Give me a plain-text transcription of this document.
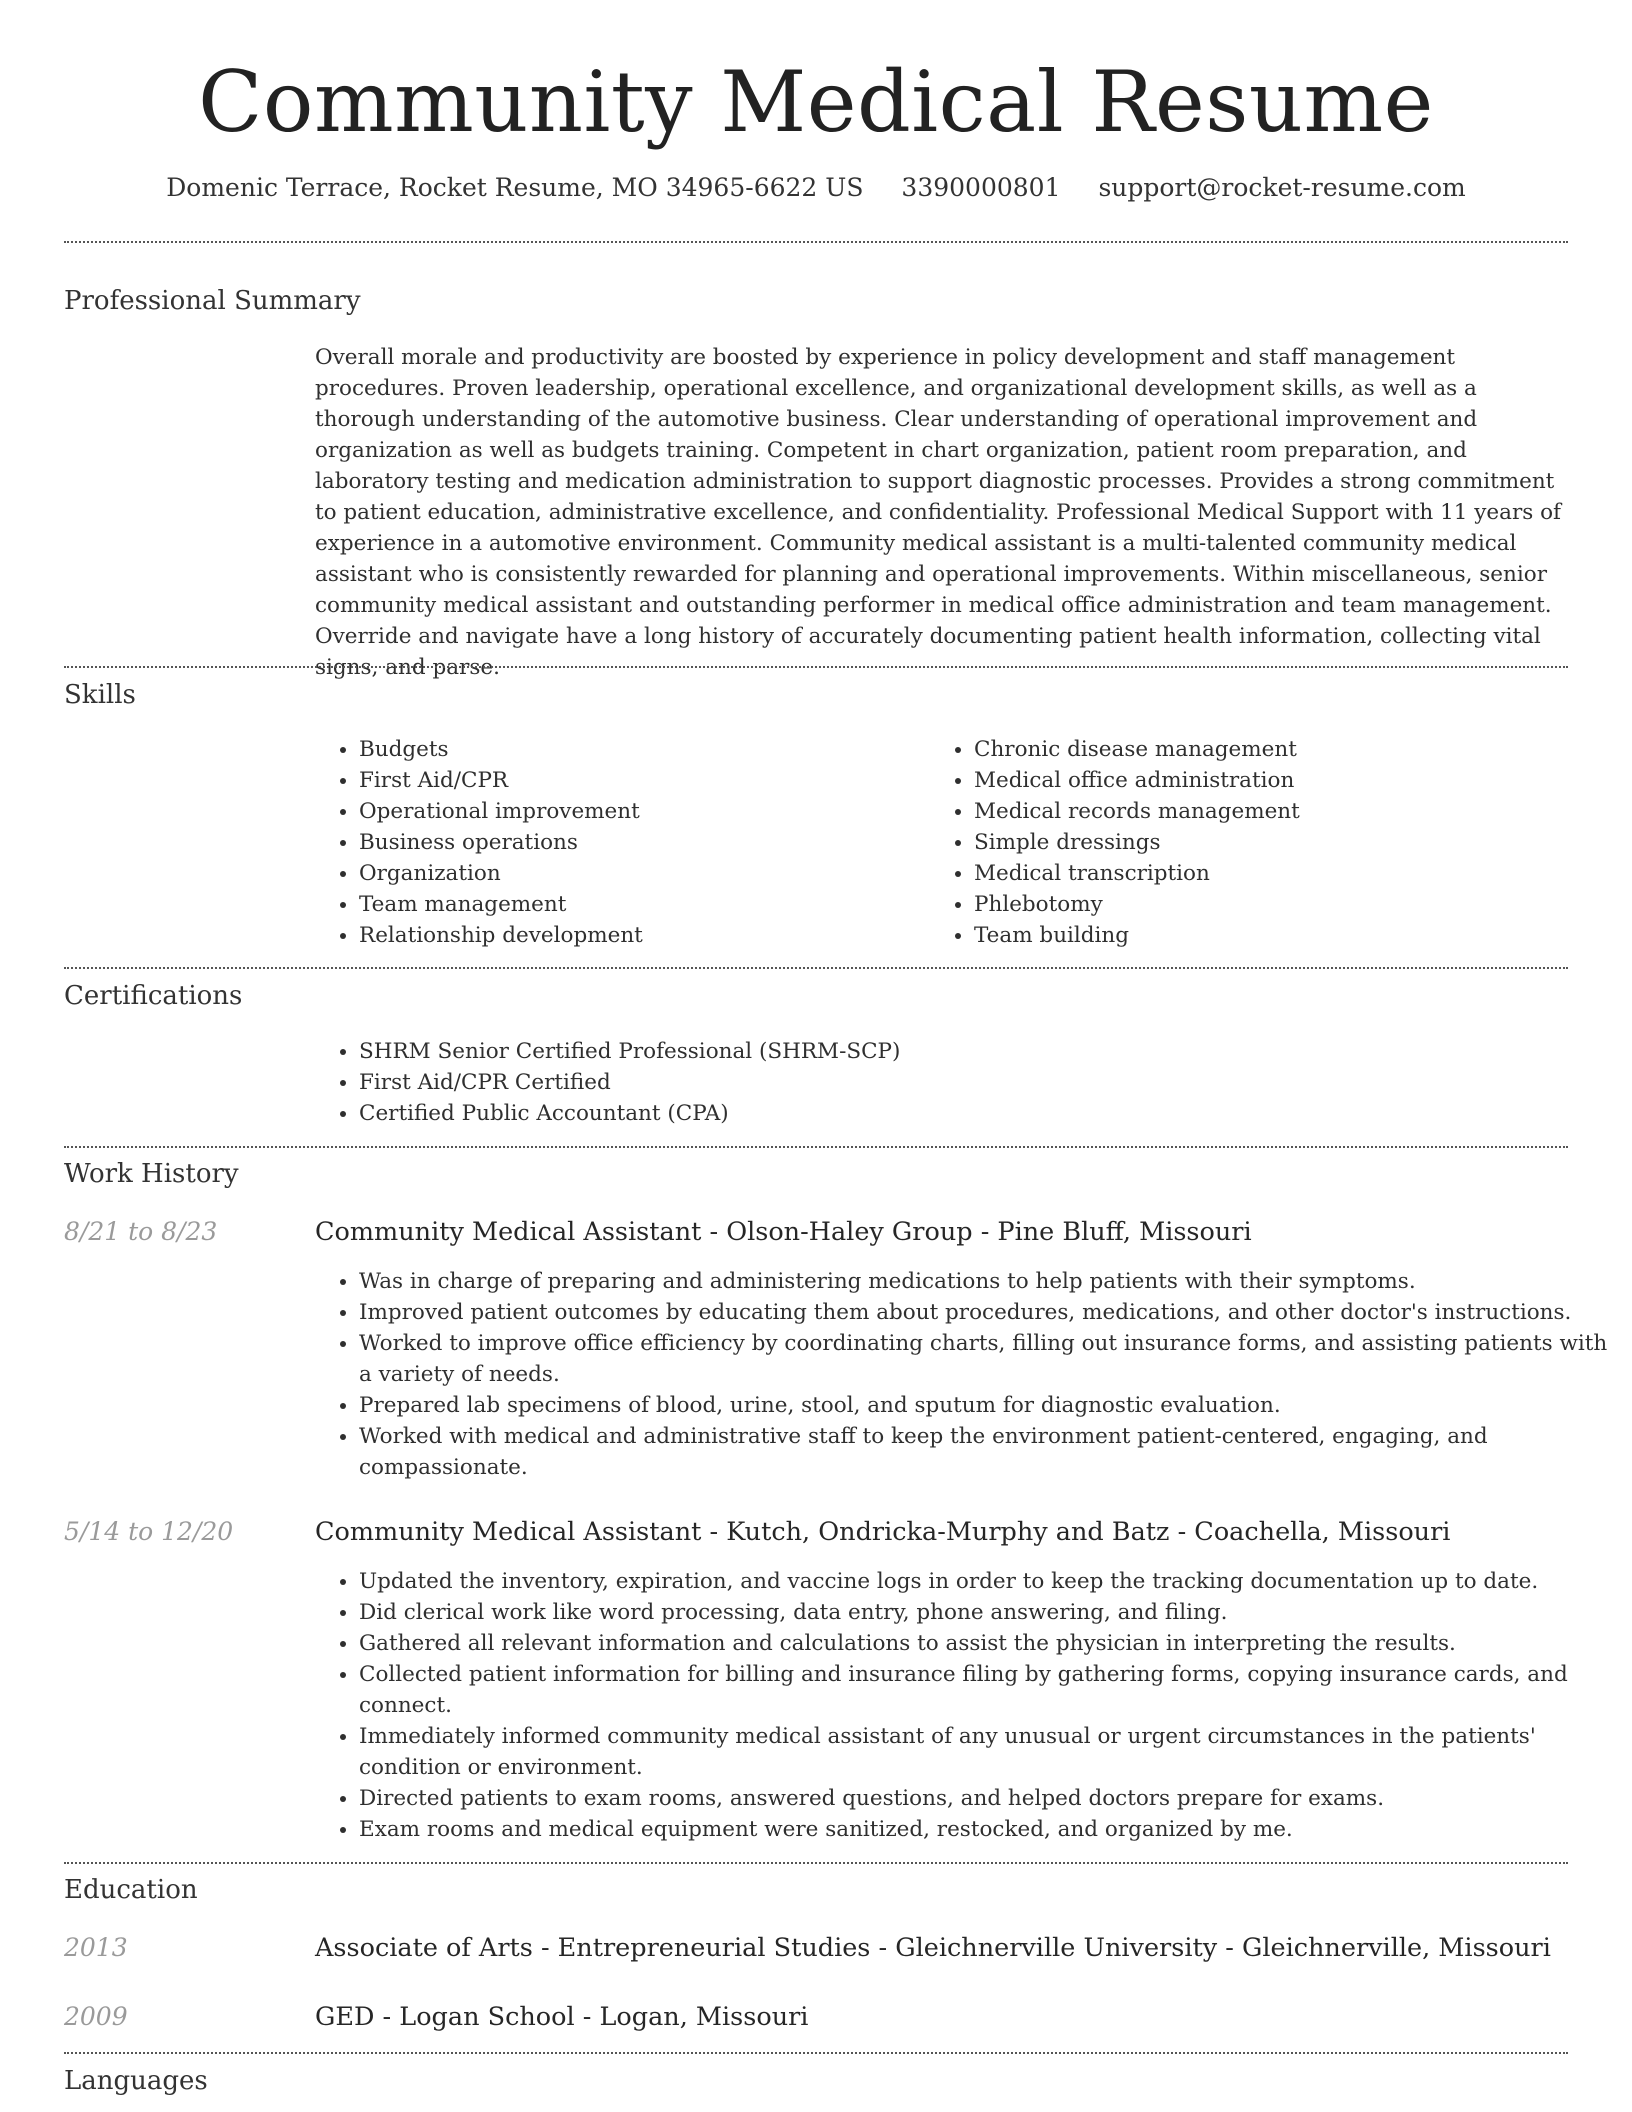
Community Medical Resume
Domenic Terrace, Rocket Resume, MO 34965-6622 US 3390000801 support@rocket-resume.com
Professional Summary
Overall morale and productivity are boosted by experience in policy development and staff management procedures. Proven leadership, operational excellence, and organizational development skills, as well as a thorough understanding of the automotive business. Clear understanding of operational improvement and organization as well as budgets training. Competent in chart organization, patient room preparation, and laboratory testing and medication administration to support diagnostic processes. Provides a strong commitment to patient education, administrative excellence, and confidentiality. Professional Medical Support with 11 years of experience in a automotive environment. Community medical assistant is a multi-talented community medical assistant who is consistently rewarded for planning and operational improvements. Within miscellaneous, senior community medical assistant and outstanding performer in medical office administration and team management. Override and navigate have a long history of accurately documenting patient health information, collecting vital signs, and parse.
Skills
• Budgets
• First Aid/CPR
• Operational improvement
• Business operations
• Organization
• Team management
• Relationship development
• Chronic disease management
• Medical office administration
• Medical records management
• Simple dressings
• Medical transcription
• Phlebotomy
• Team building
Certifications
• SHRM Senior Certified Professional (SHRM-SCP)
• First Aid/CPR Certified
• Certified Public Accountant (CPA)
Work History
8/21 to 8/23	Community Medical Assistant - Olson-Haley Group - Pine Bluff, Missouri
• Was in charge of preparing and administering medications to help patients with their symptoms.
• Improved patient outcomes by educating them about procedures, medications, and other doctor's instructions.
• Worked to improve office efficiency by coordinating charts, filling out insurance forms, and assisting patients with a variety of needs.
• Prepared lab specimens of blood, urine, stool, and sputum for diagnostic evaluation.
• Worked with medical and administrative staff to keep the environment patient-centered, engaging, and compassionate.
5/14 to 12/20	Community Medical Assistant - Kutch, Ondricka-Murphy and Batz - Coachella, Missouri
• Updated the inventory, expiration, and vaccine logs in order to keep the tracking documentation up to date.
• Did clerical work like word processing, data entry, phone answering, and filing.
• Gathered all relevant information and calculations to assist the physician in interpreting the results.
• Collected patient information for billing and insurance filing by gathering forms, copying insurance cards, and connect.
• Immediately informed community medical assistant of any unusual or urgent circumstances in the patients' condition or environment.
• Directed patients to exam rooms, answered questions, and helped doctors prepare for exams.
• Exam rooms and medical equipment were sanitized, restocked, and organized by me.
Education
2013	Associate of Arts - Entrepreneurial Studies - Gleichnerville University - Gleichnerville, Missouri
2009	GED - Logan School - Logan, Missouri
Languages
